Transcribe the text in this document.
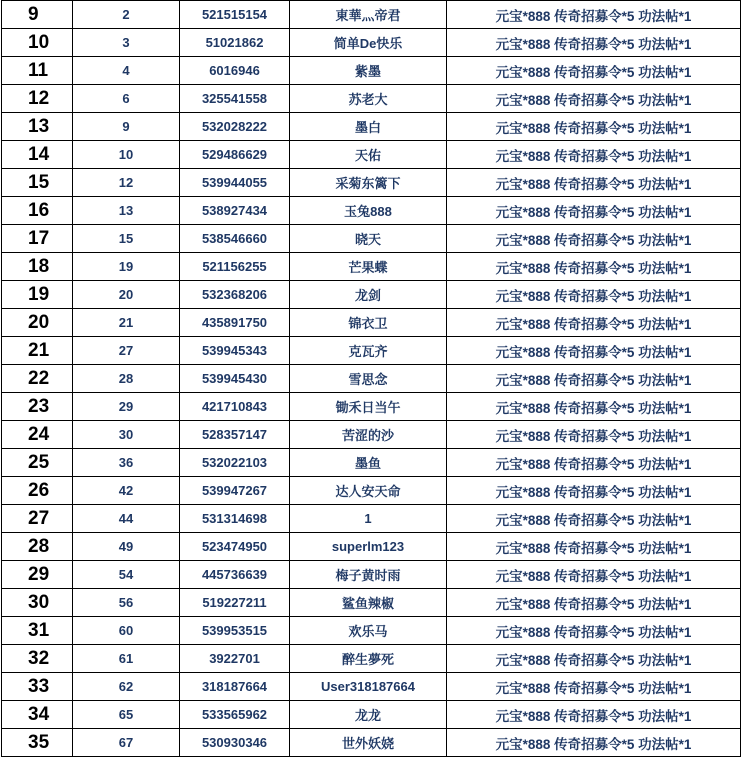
9	2	521515154	東華灬帝君	元宝*888 传奇招募令*5 功法帖*1
10	3	51021862	简单De快乐	元宝*888 传奇招募令*5 功法帖*1
11	4	6016946	紫墨	元宝*888 传奇招募令*5 功法帖*1
12	6	325541558	苏老大	元宝*888 传奇招募令*5 功法帖*1
13	9	532028222	墨白	元宝*888 传奇招募令*5 功法帖*1
14	10	529486629	天佑	元宝*888 传奇招募令*5 功法帖*1
15	12	539944055	采菊东篱下	元宝*888 传奇招募令*5 功法帖*1
16	13	538927434	玉兔888	元宝*888 传奇招募令*5 功法帖*1
17	15	538546660	晓天	元宝*888 传奇招募令*5 功法帖*1
18	19	521156255	芒果蝶	元宝*888 传奇招募令*5 功法帖*1
19	20	532368206	龙剑	元宝*888 传奇招募令*5 功法帖*1
20	21	435891750	锦衣卫	元宝*888 传奇招募令*5 功法帖*1
21	27	539945343	克瓦齐	元宝*888 传奇招募令*5 功法帖*1
22	28	539945430	雪思念	元宝*888 传奇招募令*5 功法帖*1
23	29	421710843	锄禾日当午	元宝*888 传奇招募令*5 功法帖*1
24	30	528357147	苦涩的沙	元宝*888 传奇招募令*5 功法帖*1
25	36	532022103	墨鱼	元宝*888 传奇招募令*5 功法帖*1
26	42	539947267	达人安天命	元宝*888 传奇招募令*5 功法帖*1
27	44	531314698	1	元宝*888 传奇招募令*5 功法帖*1
28	49	523474950	superlm123	元宝*888 传奇招募令*5 功法帖*1
29	54	445736639	梅子黄时雨	元宝*888 传奇招募令*5 功法帖*1
30	56	519227211	鲨鱼辣椒	元宝*888 传奇招募令*5 功法帖*1
31	60	539953515	欢乐马	元宝*888 传奇招募令*5 功法帖*1
32	61	3922701	醉生夢死	元宝*888 传奇招募令*5 功法帖*1
33	62	318187664	User318187664	元宝*888 传奇招募令*5 功法帖*1
34	65	533565962	龙龙	元宝*888 传奇招募令*5 功法帖*1
35	67	530930346	世外妖娆	元宝*888 传奇招募令*5 功法帖*1
